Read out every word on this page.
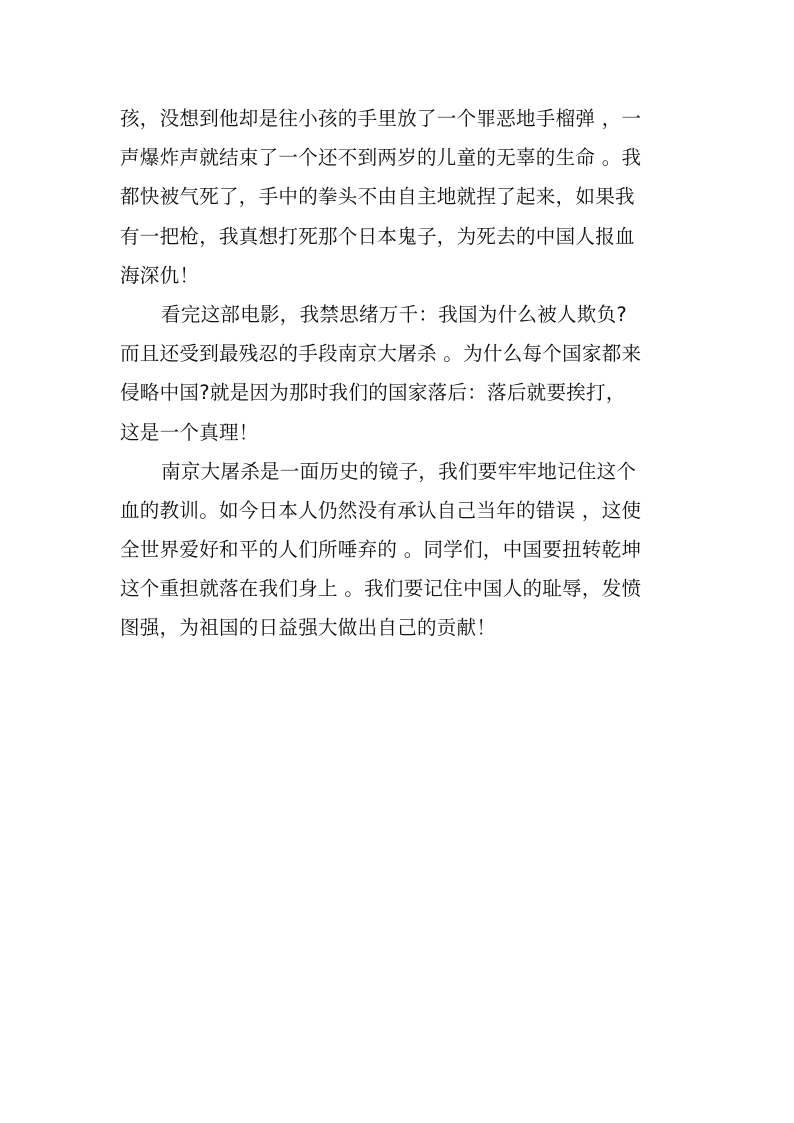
孩，没想到他却是往小孩的手里放了一个罪恶地手榴弹 ，一
声爆炸声就结束了一个还不到两岁的儿童的无辜的生命 。我
都快被气死了，手中的拳头不由自主地就捏了起来，如果我
有一把枪，我真想打死那个日本鬼子，为死去的中国人报血
海深仇！
看完这部电影，我禁思绪万千：我国为什么被人欺负?
而且还受到最残忍的手段南京大屠杀 。为什么每个国家都来
侵略中国?就是因为那时我们的国家落后：落后就要挨打，
这是一个真理！
南京大屠杀是一面历史的镜子，我们要牢牢地记住这个
血的教训。如今日本人仍然没有承认自己当年的错误 ，这使
全世界爱好和平的人们所唾弃的 。同学们，中国要扭转乾坤
这个重担就落在我们身上 。我们要记住中国人的耻辱，发愤
图强，为祖国的日益强大做出自己的贡献！
